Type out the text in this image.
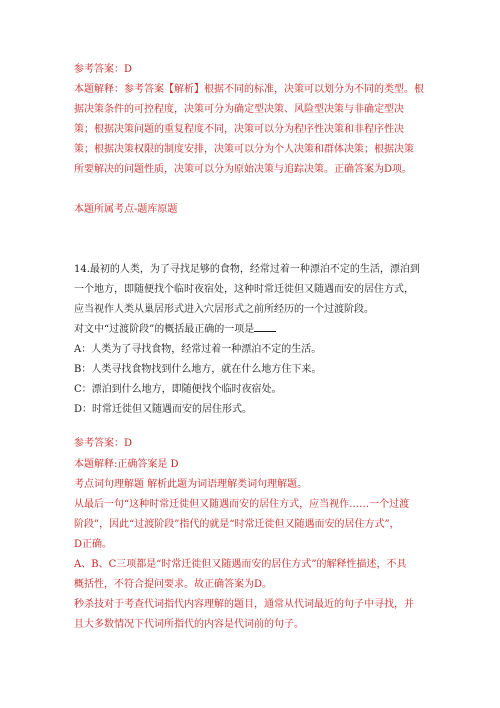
参考答案：D
本题解释：参考答案【解析】根据不同的标准，决策可以划分为不同的类型。根
据决策条件的可控程度，决策可分为确定型决策、风险型决策与非确定型决
策；根据决策问题的重复程度不同，决策可以分为程序性决策和非程序性决
策；根据决策权限的制度安排，决策可以分为个人决策和群体决策；根据决策
所要解决的问题性质，决策可以分为原始决策与追踪决策。正确答案为D项。
本题所属考点-题库原题
14.最初的人类，为了寻找足够的食物，经常过着一种漂泊不定的生活，漂泊到
一个地方，即随便找个临时夜宿处，这种时常迁徙但又随遇而安的居住方式，
应当视作人类从巢居形式进入穴居形式之前所经历的一个过渡阶段。
对文中“过渡阶段”的概括最正确的一项是
A：人类为了寻找食物，经常过着一种漂泊不定的生活。
B：人类寻找食物找到什么地方，就在什么地方住下来。
C：漂泊到什么地方，即随便找个临时夜宿处。
D：时常迁徙但又随遇而安的居住形式。
参考答案：D
本题解释:正确答案是 D
考点词句理解题 解析此题为词语理解类词句理解题。
从最后一句“这种时常迁徙但又随遇而安的居住方式，应当视作……一个过渡
阶段”，因此“过渡阶段”指代的就是“时常迁徙但又随遇而安的居住方式”，
D正确。
A、B、C三项都是“时常迁徙但又随遇而安的居住方式”的解释性描述，不具
概括性，不符合提问要求。故正确答案为D。
秒杀技对于考查代词指代内容理解的题目，通常从代词最近的句子中寻找，并
且大多数情况下代词所指代的内容是代词前的句子。
